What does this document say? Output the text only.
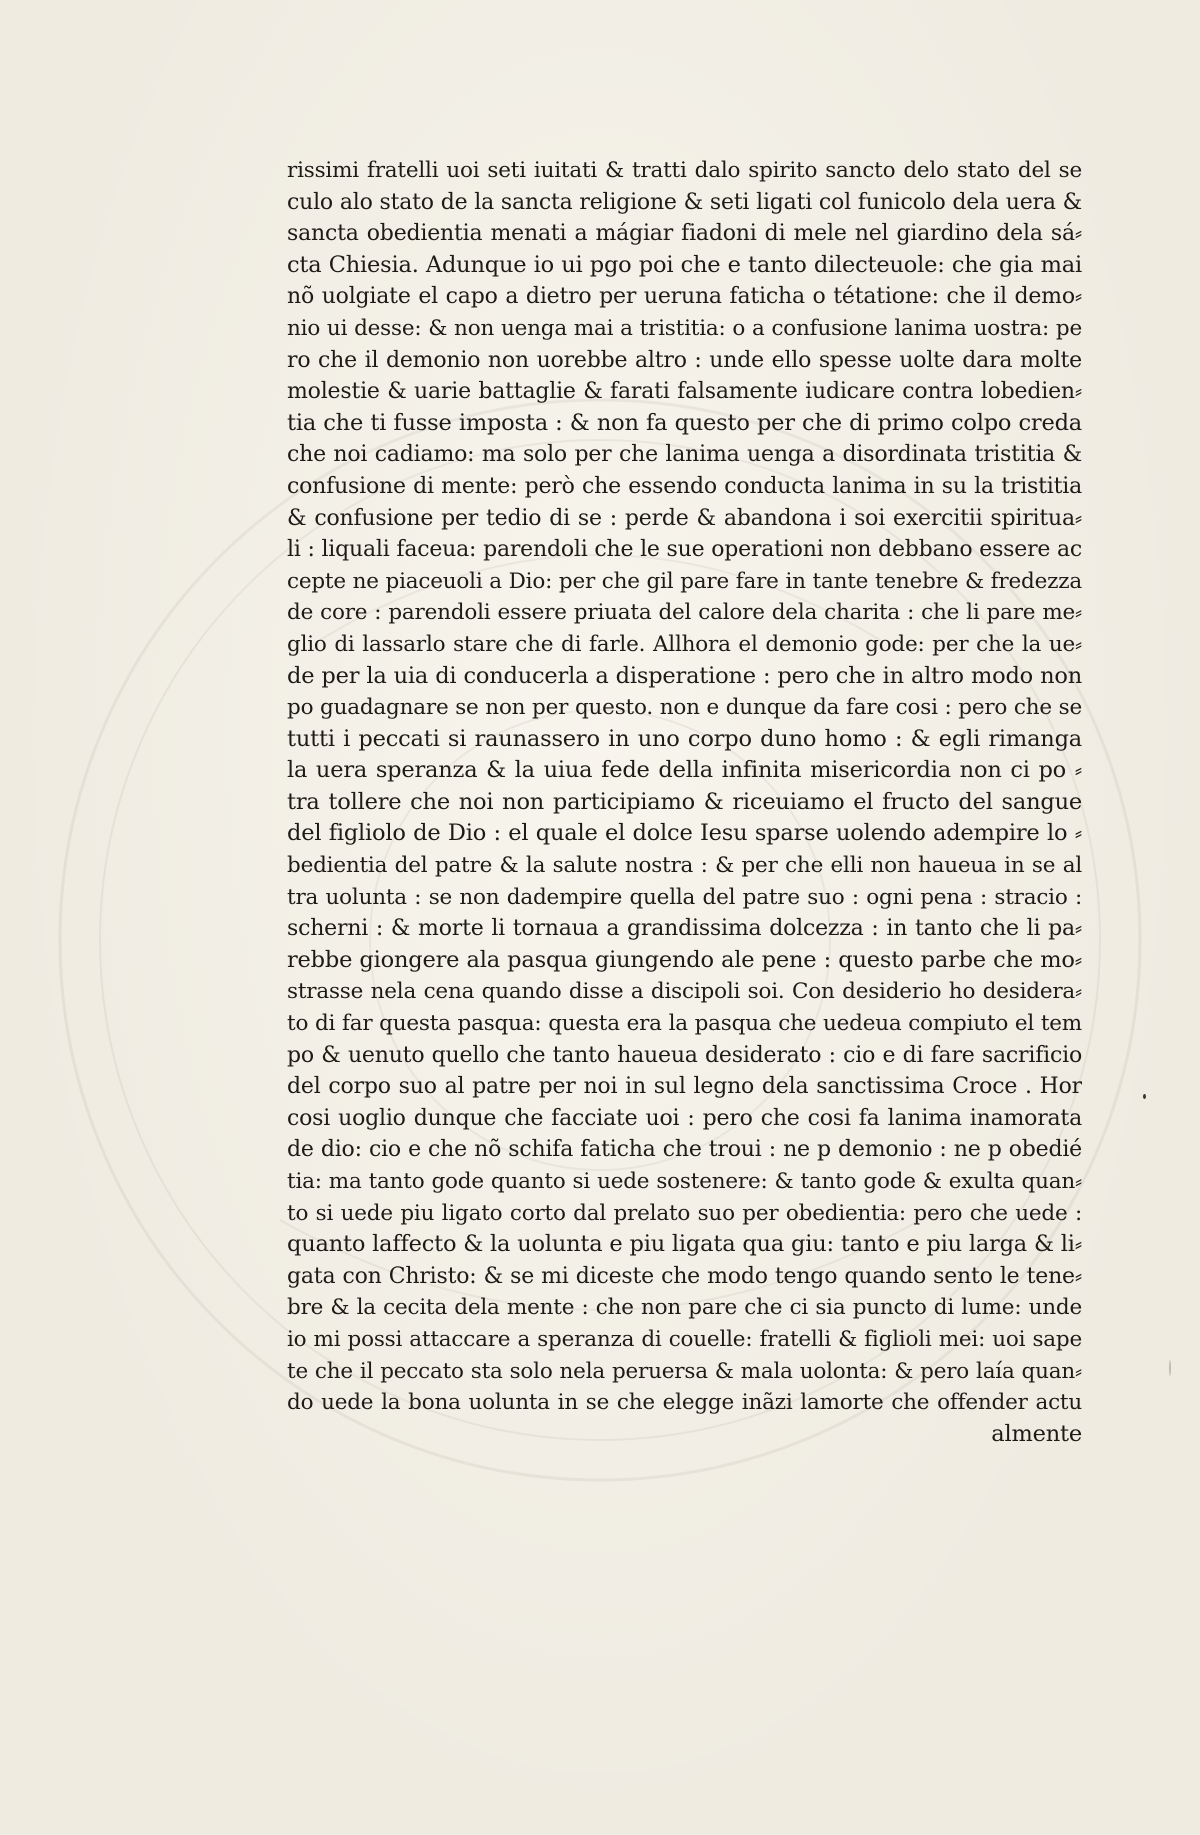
rissimi fratelli uoi seti iuitati & tratti dalo spirito sancto delo stato del se
culo alo stato de la sancta religione & seti ligati col funicolo dela uera &
sancta obedientia menati a mágiar fiadoni di mele nel giardino dela sá⸗
cta Chiesia. Adunque io ui pgo poi che e tanto dilecteuole: che gia mai
nõ uolgiate el capo a dietro per ueruna faticha o tétatione: che il demo⸗
nio ui desse: & non uenga mai a tristitia: o a confusione lanima uostra: pe
ro che il demonio non uorebbe altro : unde ello spesse uolte dara molte
molestie & uarie battaglie & farati falsamente iudicare contra lobedien⸗
tia che ti fusse imposta : & non fa questo per che di primo colpo creda
che noi cadiamo: ma solo per che lanima uenga a disordinata tristitia &
confusione di mente: però che essendo conducta lanima in su la tristitia
& confusione per tedio di se : perde & abandona i soi exercitii spiritua⸗
li : liquali faceua: parendoli che le sue operationi non debbano essere ac
cepte ne piaceuoli a Dio: per che gil pare fare in tante tenebre & fredezza
de core : parendoli essere priuata del calore dela charita : che li pare me⸗
glio di lassarlo stare che di farle. Allhora el demonio gode: per che la ue⸗
de per la uia di conducerla a disperatione : pero che in altro modo non
po guadagnare se non per questo. non e dunque da fare cosi : pero che se
tutti i peccati si raunassero in uno corpo duno homo : & egli rimanga
la uera speranza & la uiua fede della infinita misericordia non ci po ⸗
tra tollere che noi non participiamo & riceuiamo el fructo del sangue
del figliolo de Dio : el quale el dolce Iesu sparse uolendo adempire lo ⸗
bedientia del patre & la salute nostra : & per che elli non haueua in se al
tra uolunta : se non dadempire quella del patre suo : ogni pena : stracio :
scherni : & morte li tornaua a grandissima dolcezza : in tanto che li pa⸗
rebbe giongere ala pasqua giungendo ale pene : questo parbe che mo⸗
strasse nela cena quando disse a discipoli soi. Con desiderio ho desidera⸗
to di far questa pasqua: questa era la pasqua che uedeua compiuto el tem
po & uenuto quello che tanto haueua desiderato : cio e di fare sacrificio
del corpo suo al patre per noi in sul legno dela sanctissima Croce . Hor
cosi uoglio dunque che facciate uoi : pero che cosi fa lanima inamorata
de dio: cio e che nõ schifa faticha che troui : ne p demonio : ne p obedié
tia: ma tanto gode quanto si uede sostenere: & tanto gode & exulta quan⸗
to si uede piu ligato corto dal prelato suo per obedientia: pero che uede :
quanto laffecto & la uolunta e piu ligata qua giu: tanto e piu larga & li⸗
gata con Christo: & se mi diceste che modo tengo quando sento le tene⸗
bre & la cecita dela mente : che non pare che ci sia puncto di lume: unde
io mi possi attaccare a speranza di couelle: fratelli & figlioli mei: uoi sape
te che il peccato sta solo nela peruersa & mala uolonta: & pero laía quan⸗
do uede la bona uolunta in se che elegge inãzi lamorte che offender actu
almente
